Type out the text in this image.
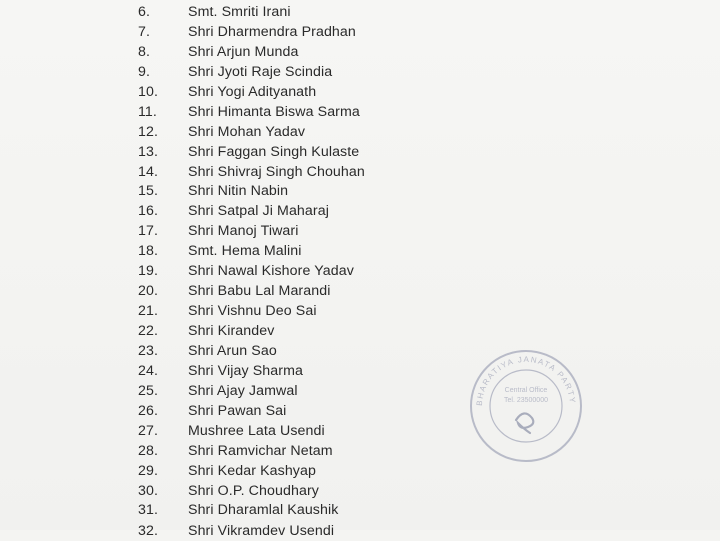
6.	Smt. Smriti Irani
7.	Shri Dharmendra Pradhan
8.	Shri Arjun Munda
9.	Shri Jyoti Raje Scindia
10.	Shri Yogi Adityanath
11.	Shri Himanta Biswa Sarma
12.	Shri Mohan Yadav
13.	Shri Faggan Singh Kulaste
14.	Shri Shivraj Singh Chouhan
15.	Shri Nitin Nabin
16.	Shri Satpal Ji Maharaj
17.	Shri Manoj Tiwari
18.	Smt. Hema Malini
19.	Shri Nawal Kishore Yadav
20.	Shri Babu Lal Marandi
21.	Shri Vishnu Deo Sai
22.	Shri Kirandev
23.	Shri Arun Sao
24.	Shri Vijay Sharma
25.	Shri Ajay Jamwal
26.	Shri Pawan Sai
27.	Mushree Lata Usendi
28.	Shri Ramvichar Netam
29.	Shri Kedar Kashyap
30.	Shri O.P. Choudhary
31.	Shri Dharamlal Kaushik
32.	Shri Vikramdev Usendi
BHARATIYA JANATA PARTY
Central Office
Tel. 23500000
